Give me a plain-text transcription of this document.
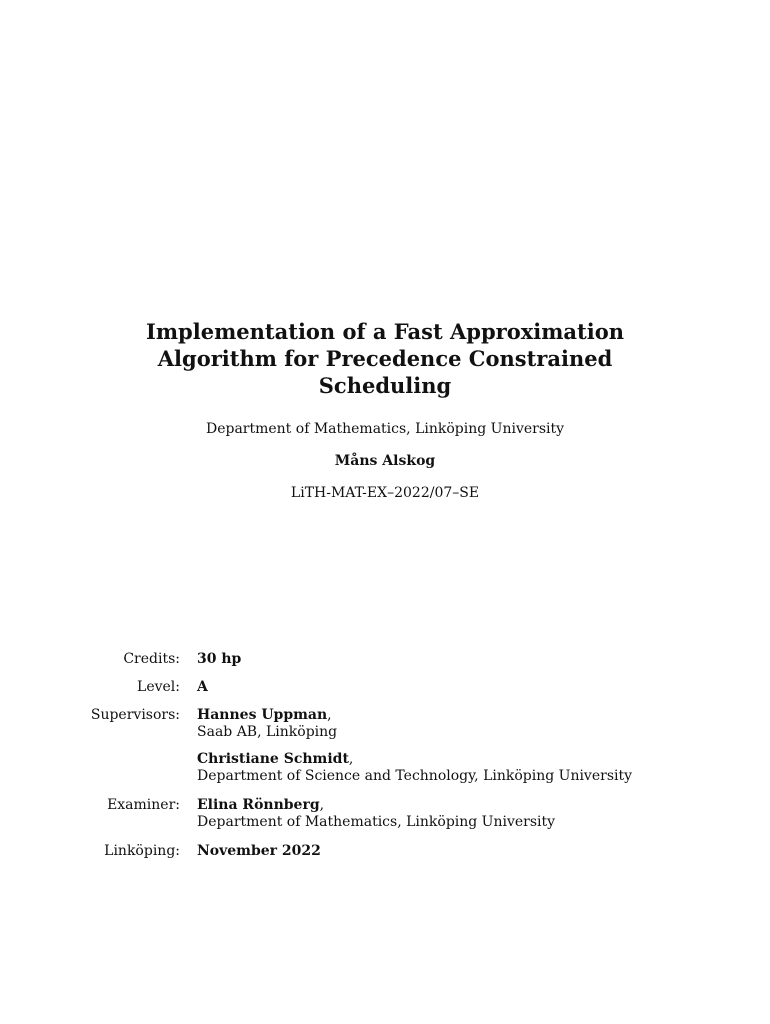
Implementation of a Fast Approximation
Algorithm for Precedence Constrained
Scheduling
Department of Mathematics, Linköping University
Måns Alskog
LiTH-MAT-EX–2022/07–SE
Credits: 30 hp
Level: A
Supervisors: Hannes Uppman,
Saab AB, Linköping
Christiane Schmidt,
Department of Science and Technology, Linköping University
Examiner: Elina Rönnberg,
Department of Mathematics, Linköping University
Linköping: November 2022
